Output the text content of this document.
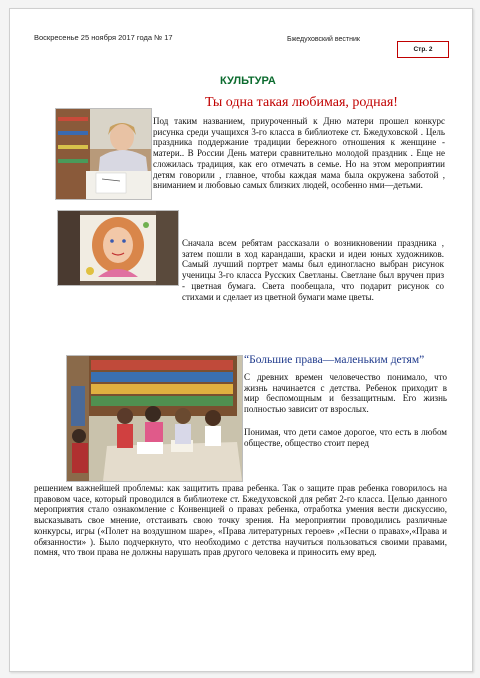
Воскресенье 25 ноября 2017 года № 17	Бжедуховский вестник
Стр. 2
КУЛЬТУРА
Ты одна такая любимая, родная!

Под таким названием, приуроченный к Дню матери прошел конкурс рисунка среди учащихся 3-го класса в библиотеке ст. Бжедуховской . Цель праздника поддержание традиции бережного отношения к женщине - матери.. В России День матери сравнительно молодой праздник . Еще не сложилась традиция, как его отмечать в семье. Но на этом мероприятии детям говорили , главное, чтобы каждая мама была окружена заботой , вниманием и любовью самых близких людей, особенно нми—детьми.

Сначала всем ребятам рассказали о возникновении праздника , затем пошли в ход карандаши, краски и идеи юных художников. Самый лучший портрет мамы был единогласно выбран рисунок ученицы 3-го класса Русских Светланы. Светлане был вручен приз - цветная бумага. Света пообещала, что подарит рисунок со стихами и сделает из цветной бумаги маме цветы.

“Большие права—маленьким детям”

С древних времен человечество понимало, что жизнь начинается с детства. Ребенок приходит в мир беспомощным и беззащитным. Его жизнь полностью зависит от взрослых.

Понимая, что дети самое дорогое, что есть в любом обществе, общество стоит перед

решением важнейшей проблемы: как защитить права ребенка. Так о защите прав ребенка говорилось на правовом часе, который проводился в библиотеке ст. Бжедуховской для ребят 2-го класса. Целью данного мероприятия стало ознакомление с Конвенцией о правах ребенка, отработка умения вести дискуссию, высказывать свое мнение, отстаивать свою точку зрения. На мероприятии проводились различные конкурсы, игры («Полет на воздушном шаре», «Права литературных героев» ,«Песни о правах»,«Права и обязанности» ). Было подчеркнуто, что необходимо с детства научиться пользоваться своими правами, помня, что твои права не должны нарушать прав другого человека и приносить ему вред.
